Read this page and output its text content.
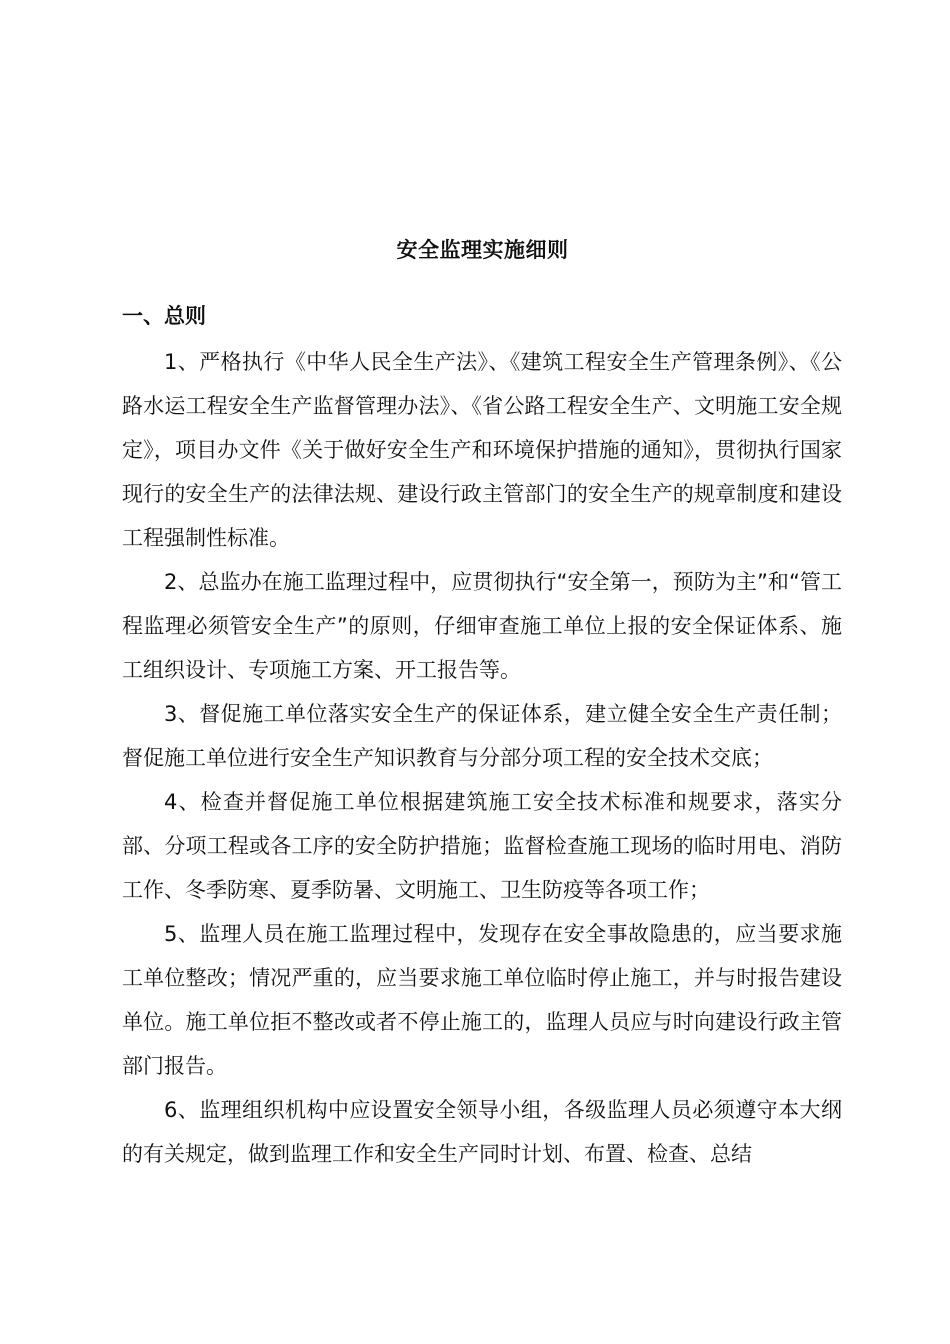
安全监理实施细则
一、总则

1、严格执行《中华人民全生产法》、《建筑工程安全生产管理条例》、《公路水运工程安全生产监督管理办法》、《省公路工程安全生产、文明施工安全规定》，项目办文件《关于做好安全生产和环境保护措施的通知》，贯彻执行国家现行的安全生产的法律法规、建设行政主管部门的安全生产的规章制度和建设工程强制性标准。

2、总监办在施工监理过程中，应贯彻执行“安全第一，预防为主”和“管工程监理必须管安全生产”的原则，仔细审查施工单位上报的安全保证体系、施工组织设计、专项施工方案、开工报告等。

3、督促施工单位落实安全生产的保证体系，建立健全安全生产责任制； 督促施工单位进行安全生产知识教育与分部分项工程的安全技术交底；

4、检查并督促施工单位根据建筑施工安全技术标准和规要求，落实分部、分项工程或各工序的安全防护措施；监督检查施工现场的临时用电、消防工作、冬季防寒、夏季防暑、文明施工、卫生防疫等各项工作；

5、监理人员在施工监理过程中，发现存在安全事故隐患的，应当要求施工单位整改；情况严重的，应当要求施工单位临时停止施工，并与时报告建设单位。施工单位拒不整改或者不停止施工的，监理人员应与时向建设行政主管部门报告。

6、监理组织机构中应设置安全领导小组，各级监理人员必须遵守本大纲的有关规定，做到监理工作和安全生产同时计划、布置、检查、总结
